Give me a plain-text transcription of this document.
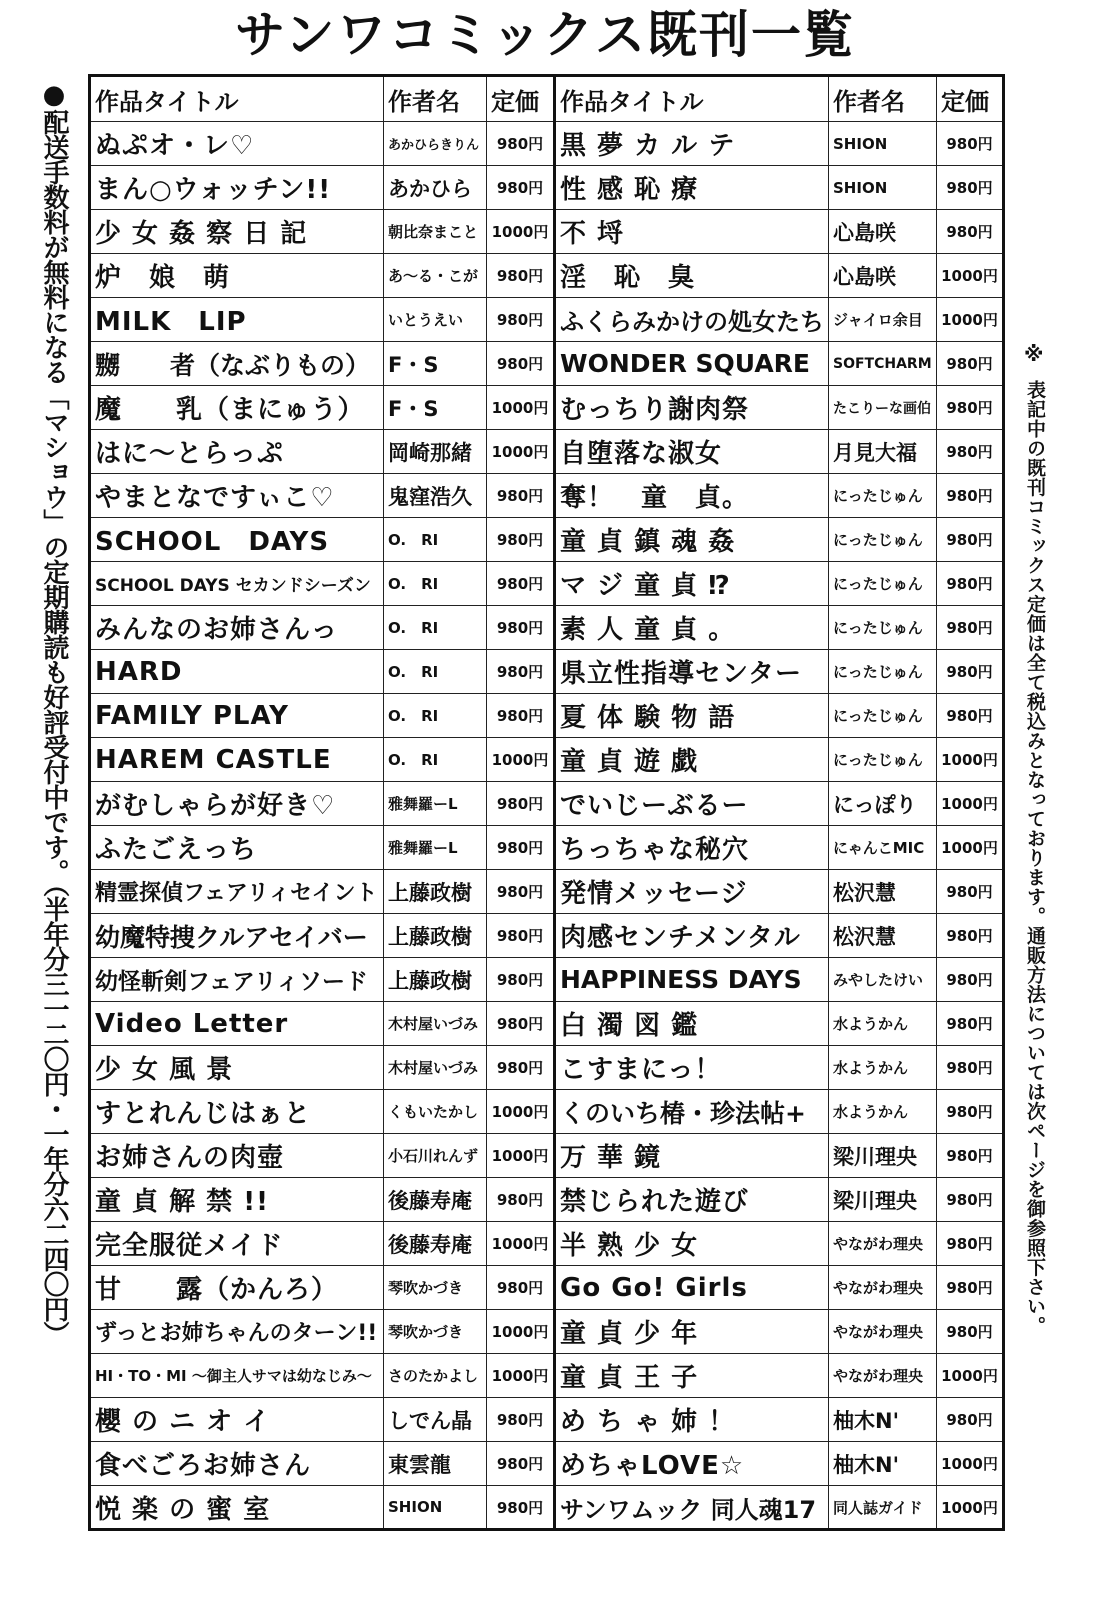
サンワコミックス既刊一覧
●配送手数料が無料になる「マショウ」の定期購読も好評受付中です。（半年分三一二〇円・一年分六二四〇円）	※
表記中の既刊コミックス定価は全て税込みとなっております。通販方法については次ページを御参照下さい。
作品タイトル	作者名	定価	作品タイトル	作者名	定価
ぬぷオ・レ♡	あかひらきりん	980円	黒 夢 カ ル テ	SHION	980円
まん○ウォッチン!!	あかひら	980円	性 感 恥 療	SHION	980円
少 女 姦 察 日 記	朝比奈まこと	1000円	不 埒	心島咲	980円
炉　娘　萌	あ〜る・こが	980円	淫　恥　臭	心島咲	1000円
MILK　LIP	いとうえい	980円	ふくらみかけの処女たち	ジャイロ余目	1000円
嬲　　者（なぶりもの）	F・S	980円	WONDER SQUARE	SOFTCHARM	980円
魔　　乳（まにゅう）	F・S	1000円	むっちり謝肉祭	たこりーな画伯	980円
はに〜とらっぷ	岡崎那緒	1000円	自堕落な淑女	月見大福	980円
やまとなですぃこ♡	鬼窪浩久	980円	奪！　童　貞。	にったじゅん	980円
SCHOOL　DAYS	O.　RI	980円	童 貞 鎮 魂 姦	にったじゅん	980円
SCHOOL DAYS セカンドシーズン	O.　RI	980円	マ ジ 童 貞 ⁉	にったじゅん	980円
みんなのお姉さんっ	O.　RI	980円	素 人 童 貞 。	にったじゅん	980円
HARD	O.　RI	980円	県立性指導センター	にったじゅん	980円
FAMILY PLAY	O.　RI	980円	夏 体 験 物 語	にったじゅん	980円
HAREM CASTLE	O.　RI	1000円	童 貞 遊 戯	にったじゅん	1000円
がむしゃらが好き♡	雅舞羅ーL	980円	でいじーぶるー	にっぽり	1000円
ふたごえっち	雅舞羅ーL	980円	ちっちゃな秘穴	にゃんこMIC	1000円
精霊探偵フェアリィセイント	上藤政樹	980円	発情メッセージ	松沢慧	980円
幼魔特捜クルアセイバー	上藤政樹	980円	肉感センチメンタル	松沢慧	980円
幼怪斬剣フェアリィソード	上藤政樹	980円	HAPPINESS DAYS	みやしたけい	980円
Video Letter	木村屋いづみ	980円	白 濁 図 鑑	水ようかん	980円
少 女 風 景	木村屋いづみ	980円	こすまにっ！	水ようかん	980円
すとれんじはぁと	くもいたかし	1000円	くのいち椿・珍法帖+	水ようかん	980円
お姉さんの肉壺	小石川れんず	1000円	万 華 鏡	梁川理央	980円
童 貞 解 禁 !!	後藤寿庵	980円	禁じられた遊び	梁川理央	980円
完全服従メイド	後藤寿庵	1000円	半 熟 少 女	やながわ理央	980円
甘　　露（かんろ）	琴吹かづき	980円	Go Go! Girls	やながわ理央	980円
ずっとお姉ちゃんのターン!!	琴吹かづき	1000円	童 貞 少 年	やながわ理央	980円
HI・TO・MI 〜御主人サマは幼なじみ〜	さのたかよし	1000円	童 貞 王 子	やながわ理央	1000円
櫻 の ニ オ イ	しでん晶	980円	め ち ゃ 姉 ！	柚木N'	980円
食べごろお姉さん	東雲龍	980円	めちゃLOVE☆	柚木N'	1000円
悦 楽 の 蜜 室	SHION	980円	サンワムック 同人魂17	同人誌ガイド	1000円
